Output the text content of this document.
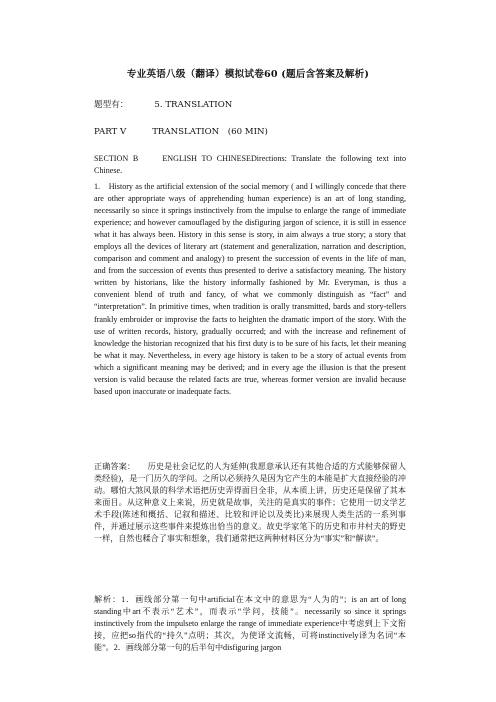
专业英语八级（翻译）模拟试卷60 (题后含答案及解析)
题型有：	5. TRANSLATION
PART V	TRANSLATION　(60 MIN)
SECTION B　　ENGLISH TO CHINESEDirections: Translate the following text into Chinese.
1.　History as the artificial extension of the social memory ( and I willingly concede that there are other appropriate ways of apprehending human experience) is an art of long standing, necessarily so since it springs instinctively from the impulse to enlarge the range of immediate experience; and however camouflaged by the disfiguring jargon of science, it is still in essence what it has always been. History in this sense is story, in aim always a true story; a story that employs all the devices of literary art (statement and generalization, narration and description, comparison and comment and analogy) to present the succession of events in the life of man, and from the succession of events thus presented to derive a satisfactory meaning. The history written by historians, like the history informally fashioned by Mr. Everyman, is thus a convenient blend of truth and fancy, of what we commonly distinguish as “fact” and “interpretation”. In primitive times, when tradition is orally transmitted, bards and story-tellers frankly embroider or improvise the facts to heighten the dramatic import of the story. With the use of written records, history, gradually occurred; and with the increase and refinement of knowledge the historian recognized that his first duty is to be sure of his facts, let their meaning be what it may. Nevertheless, in every age history is taken to be a story of actual events from which a significant meaning may be derived; and in every age the illusion is that the present version is valid because the related facts are true, whereas former version are invalid because based upon inaccurate or inadequate facts.
正确答案：　　历史是社会记忆的人为延伸(我愿意承认还有其他合适的方式能够保留人类经验)，是一门历久的学问。之所以必须持久是因为它产生的本能是扩大直接经验的冲动。哪怕大煞风景的科学术语把历史弄得面目全非，从本质上讲，历史还是保留了其本来面目。从这种意义上来说，历史就是故事，关注的是真实的事件；它使用一切文学艺术手段(陈述和概括、记叙和描述、比较和评论以及类比)来展现人类生活的一系列事件，并通过展示这些事件来提炼出恰当的意义。故史学家笔下的历史和市井村夫的野史一样，自然也糅合了事实和想象，我们通常把这两种材料区分为“事实”和“解读”。
解析：1．画线部分第一句中artificial在本文中的意思为“人为的”；is an art of long standing中art不表示“艺术”，而表示“学问，技能”。necessarily so since it springs instinctively from the impulseto enlarge the range of immediate experience中考虑到上下文衔接，应把so指代的“持久”点明；其次，为使译文流畅，可将instinctively译为名词“本能”。2．画线部分第一句的后半句中disfiguring jargon
